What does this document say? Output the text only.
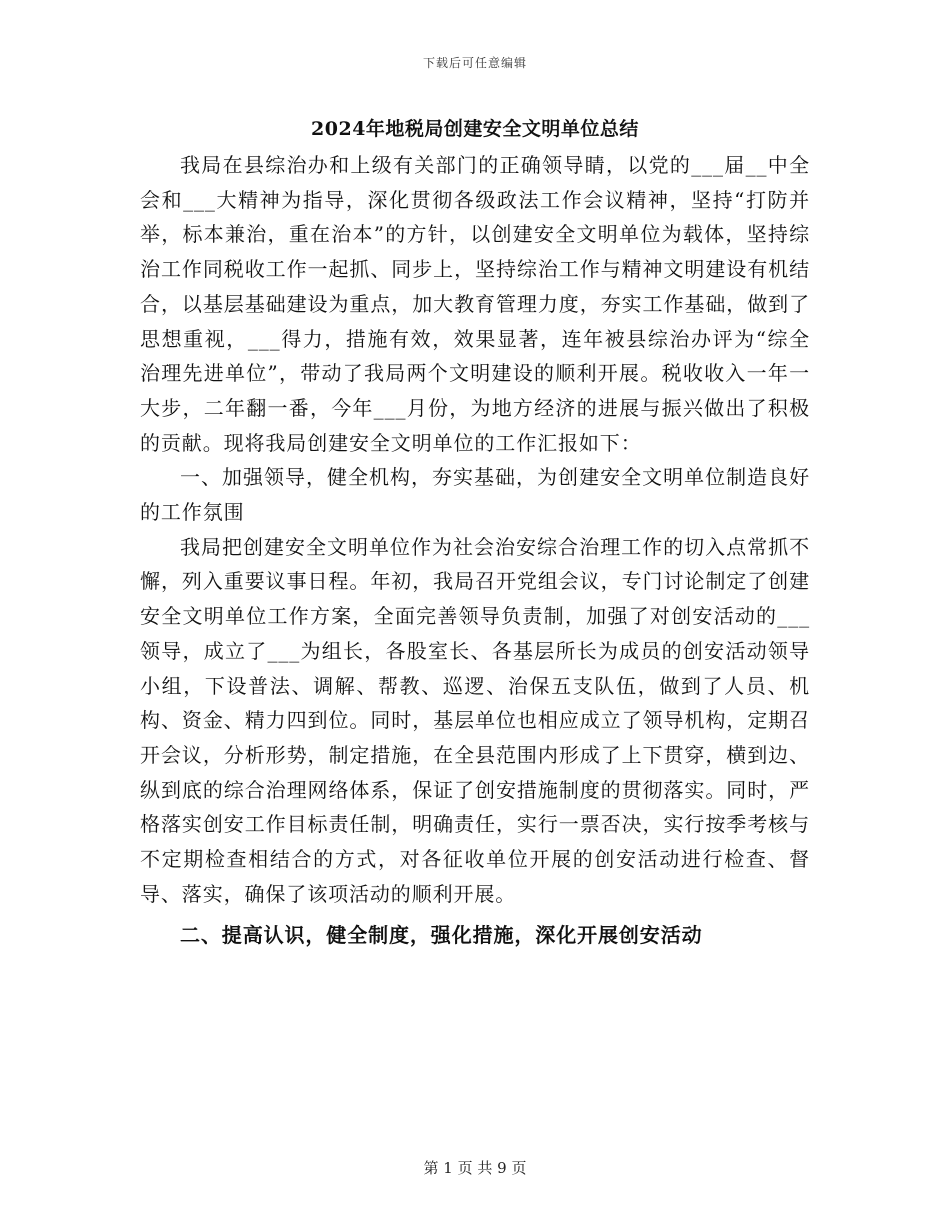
下载后可任意编辑
2024年地税局创建安全文明单位总结

我局在县综治办和上级有关部门的正确领导睛，以党的___届__中全会和___大精神为指导，深化贯彻各级政法工作会议精神，坚持“打防并举，标本兼治，重在治本”的方针，以创建安全文明单位为载体，坚持综治工作同税收工作一起抓、同步上，坚持综治工作与精神文明建设有机结合，以基层基础建设为重点，加大教育管理力度，夯实工作基础，做到了思想重视，___得力，措施有效，效果显著，连年被县综治办评为“综全治理先进单位”，带动了我局两个文明建设的顺利开展。税收收入一年一大步，二年翻一番，今年___月份，为地方经济的进展与振兴做出了积极的贡献。现将我局创建安全文明单位的工作汇报如下：

一、加强领导，健全机构，夯实基础，为创建安全文明单位制造良好的工作氛围

我局把创建安全文明单位作为社会治安综合治理工作的切入点常抓不懈，列入重要议事日程。年初，我局召开党组会议，专门讨论制定了创建安全文明单位工作方案，全面完善领导负责制，加强了对创安活动的___领导，成立了___为组长，各股室长、各基层所长为成员的创安活动领导小组，下设普法、调解、帮教、巡逻、治保五支队伍，做到了人员、机构、资金、精力四到位。同时，基层单位也相应成立了领导机构，定期召开会议，分析形势，制定措施，在全县范围内形成了上下贯穿，横到边、纵到底的综合治理网络体系，保证了创安措施制度的贯彻落实。同时，严格落实创安工作目标责任制，明确责任，实行一票否决，实行按季考核与不定期检查相结合的方式，对各征收单位开展的创安活动进行检查、督导、落实，确保了该项活动的顺利开展。

二、提高认识，健全制度，强化措施，深化开展创安活动

第 1 页 共 9 页
